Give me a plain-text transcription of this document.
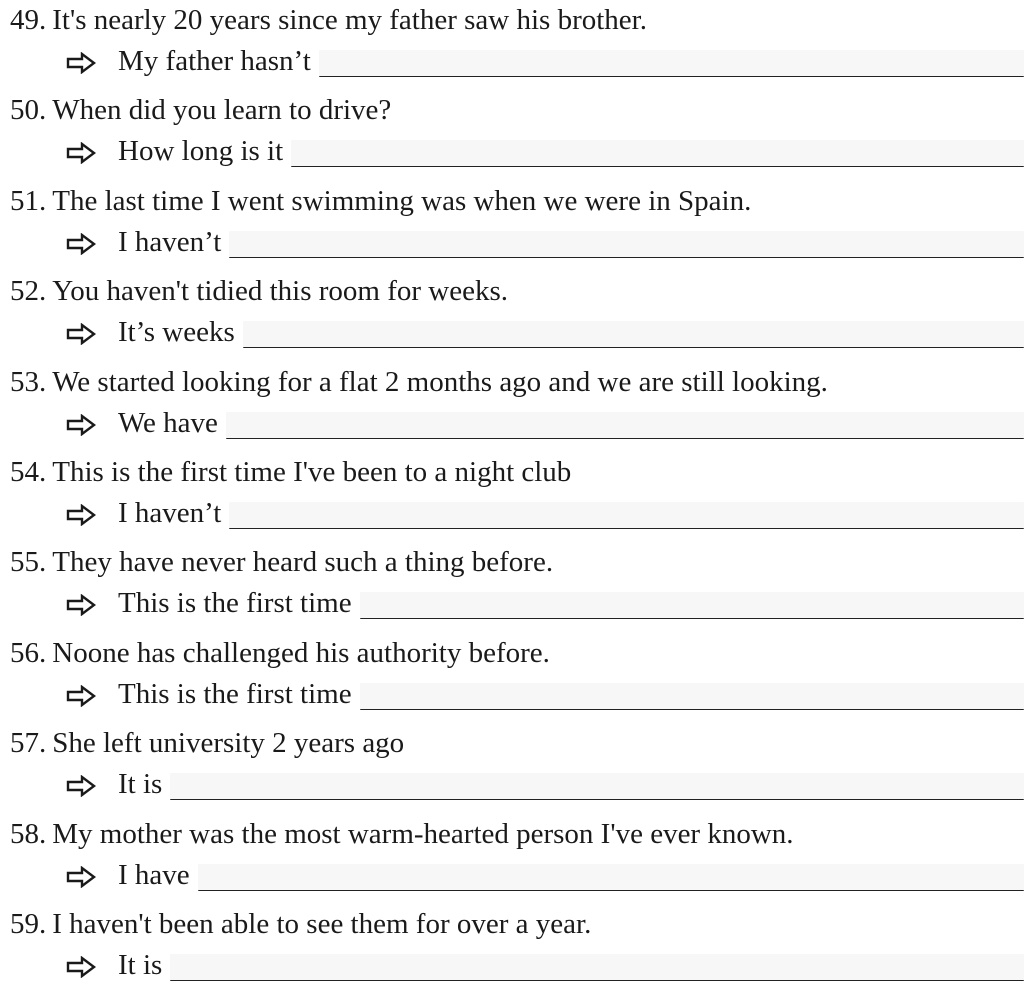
49. It's nearly 20 years since my father saw his brother.
My father hasn’t
50. When did you learn to drive?
How long is it
51. The last time I went swimming was when we were in Spain.
I haven’t
52. You haven't tidied this room for weeks.
It’s weeks
53. We started looking for a flat 2 months ago and we are still looking.
We have
54. This is the first time I've been to a night club
I haven’t
55. They have never heard such a thing before.
This is the first time
56. Noone has challenged his authority before.
This is the first time
57. She left university 2 years ago
It is
58. My mother was the most warm-hearted person I've ever known.
I have
59. I haven't been able to see them for over a year.
It is
